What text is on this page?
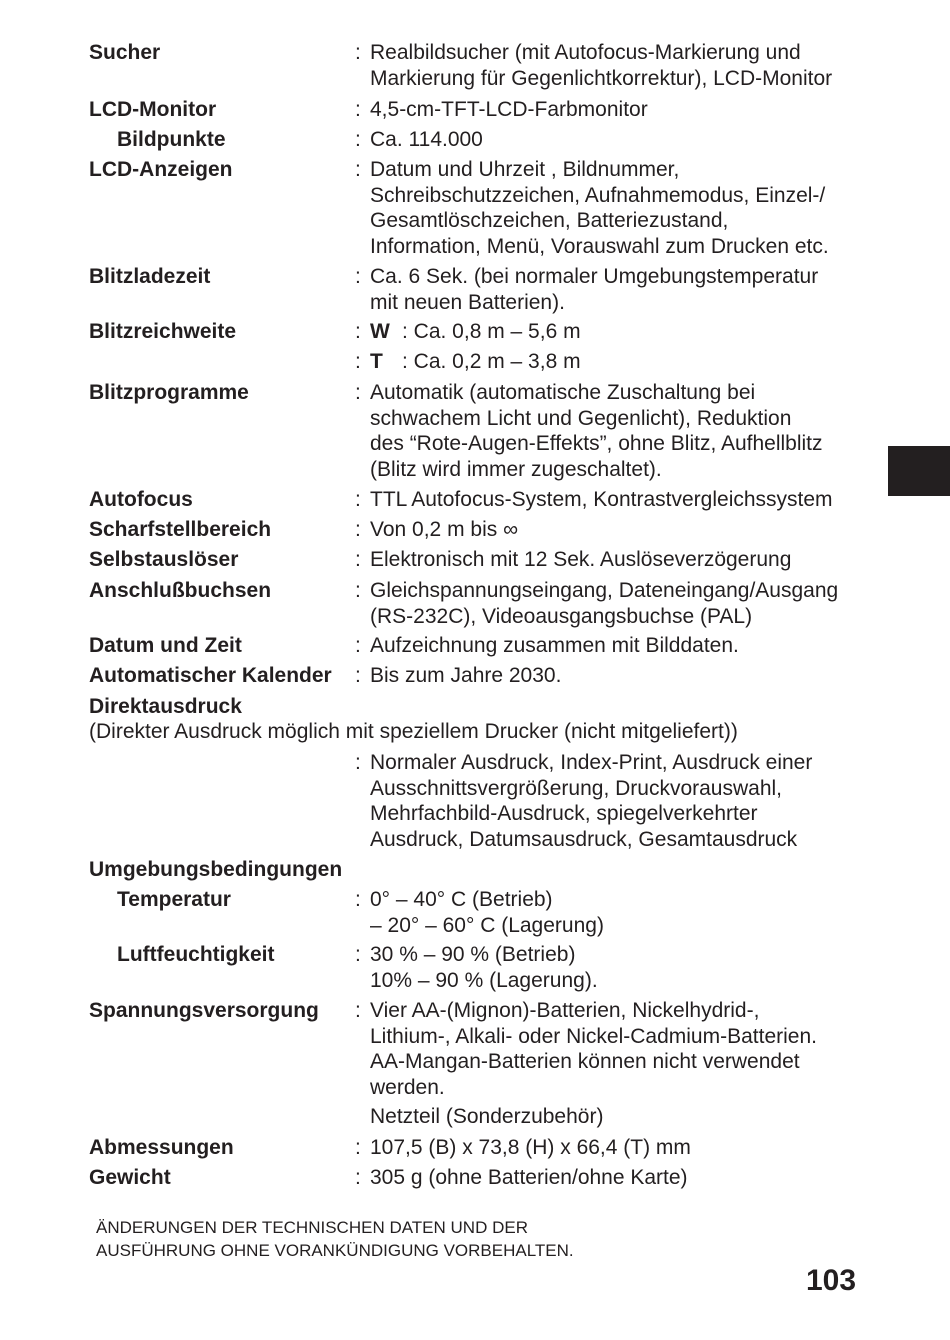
Sucher	: Realbildsucher (mit Autofocus-Markierung und
Markierung für Gegenlichtkorrektur), LCD-Monitor
LCD-Monitor	: 4,5-cm-TFT-LCD-Farbmonitor
Bildpunkte	: Ca. 114.000
LCD-Anzeigen	: Datum und Uhrzeit , Bildnummer,
Schreibschutzzeichen, Aufnahmemodus, Einzel-/
Gesamtlöschzeichen, Batteriezustand,
Information, Menü, Vorauswahl zum Drucken etc.
Blitzladezeit	: Ca. 6 Sek. (bei normaler Umgebungstemperatur
mit neuen Batterien).
Blitzreichweite	: W : Ca. 0,8 m – 5,6 m
: T : Ca. 0,2 m – 3,8 m
Blitzprogramme	: Automatik (automatische Zuschaltung bei
schwachem Licht und Gegenlicht), Reduktion
des “Rote-Augen-Effekts”, ohne Blitz, Aufhellblitz
(Blitz wird immer zugeschaltet).
Autofocus	: TTL Autofocus-System, Kontrastvergleichssystem
Scharfstellbereich	: Von 0,2 m bis ∞
Selbstauslöser	: Elektronisch mit 12 Sek. Auslöseverzögerung
Anschlußbuchsen	: Gleichspannungseingang, Dateneingang/Ausgang
(RS-232C), Videoausgangsbuchse (PAL)
Datum und Zeit	: Aufzeichnung zusammen mit Bilddaten.
Automatischer Kalender : Bis zum Jahre 2030.
Direktausdruck
(Direkter Ausdruck möglich mit speziellem Drucker (nicht mitgeliefert))
: Normaler Ausdruck, Index-Print, Ausdruck einer
Ausschnittsvergrößerung, Druckvorauswahl,
Mehrfachbild-Ausdruck, spiegelverkehrter
Ausdruck, Datumsausdruck, Gesamtausdruck
Umgebungsbedingungen
Temperatur	: 0° – 40° C (Betrieb)
– 20° – 60° C (Lagerung)
Luftfeuchtigkeit	: 30 % – 90 % (Betrieb)
10% – 90 % (Lagerung).
Spannungsversorgung : Vier AA-(Mignon)-Batterien, Nickelhydrid-,
Lithium-, Alkali- oder Nickel-Cadmium-Batterien.
AA-Mangan-Batterien können nicht verwendet
werden.
Netzteil (Sonderzubehör)
Abmessungen	: 107,5 (B) x 73,8 (H) x 66,4 (T) mm
Gewicht	: 305 g (ohne Batterien/ohne Karte)
ÄNDERUNGEN DER TECHNISCHEN DATEN UND DER
AUSFÜHRUNG OHNE VORANKÜNDIGUNG VORBEHALTEN.
103
